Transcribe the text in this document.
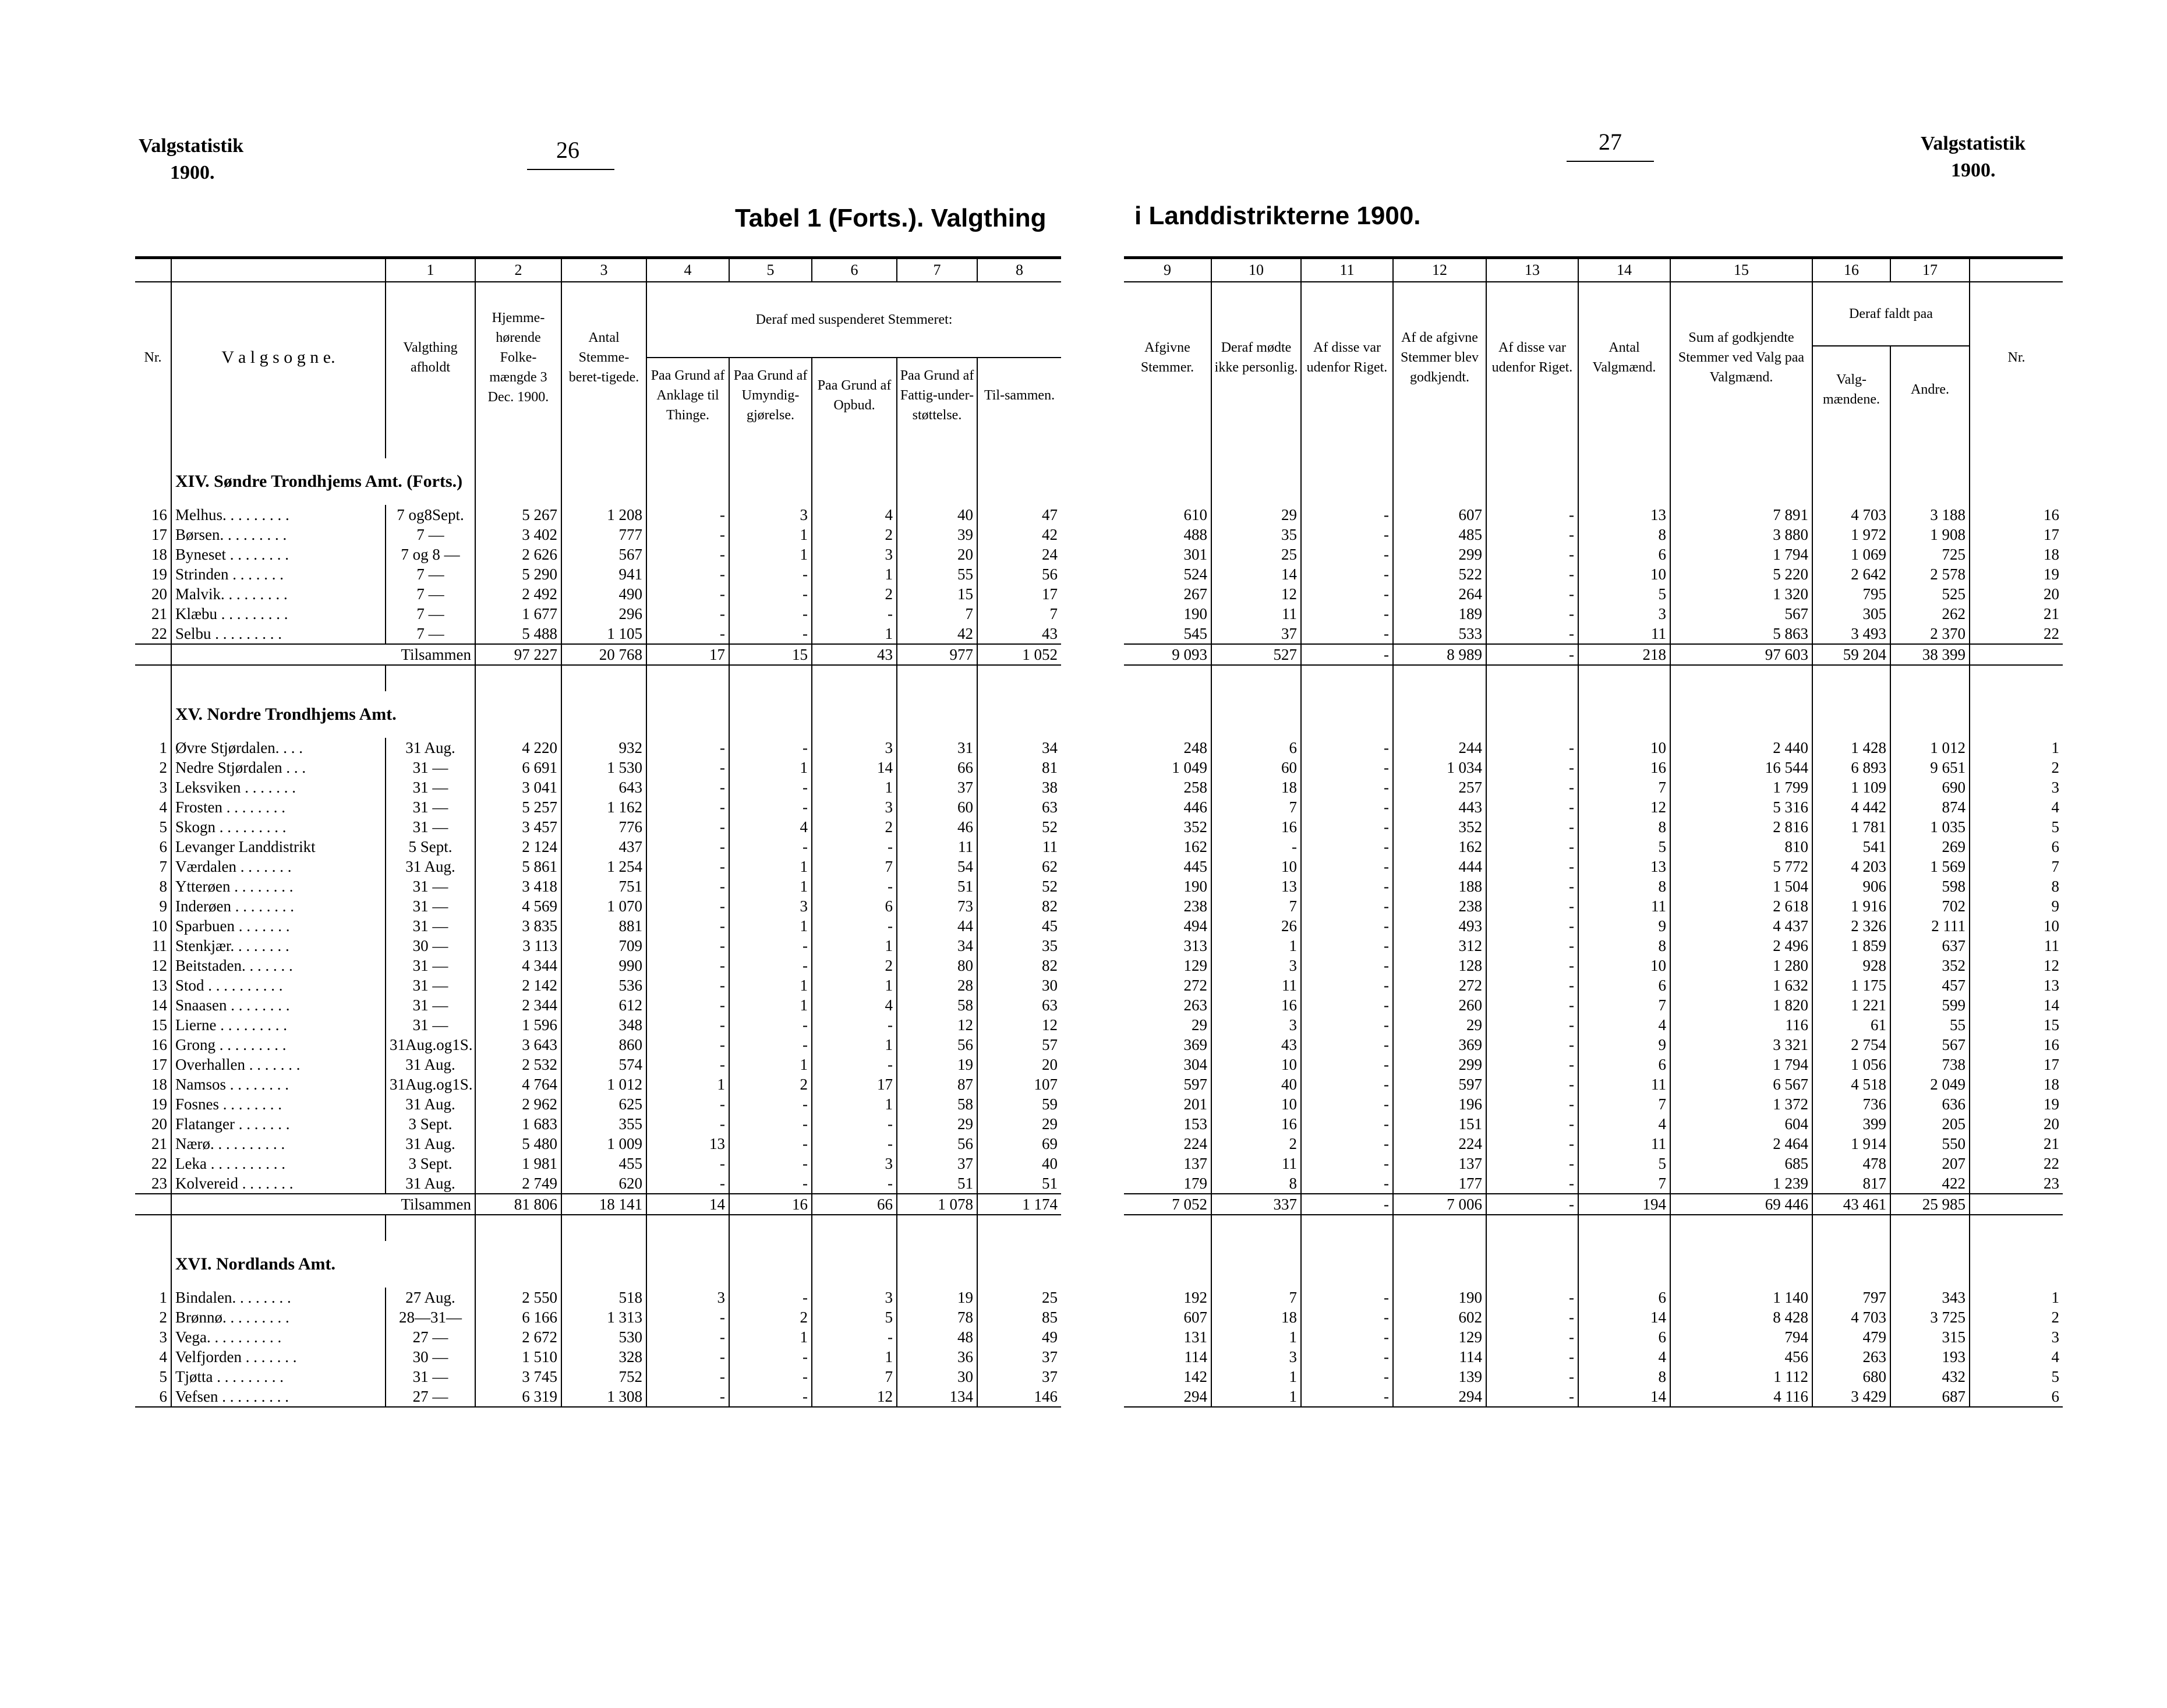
Valgstatistik
1900.
26	27	Valgstatistik
1900.
Tabel 1 (Forts.). Valgthing	i Landdistrikterne 1900.
		1	2	3	4	5	6	7	8
Nr.	V a l g s o g n e.	Valgthing afholdt	Hjemme-hørende Folke-mængde 3 Dec. 1900.	Antal Stemme-beret-tigede.	Deraf med suspenderet Stemmeret:				
					Paa Grund af Anklage til Thinge.	Paa Grund af Umyndig-gjørelse.	Paa Grund af Opbud.	Paa Grund af Fattig-under-støttelse.	Til-sammen.

	XIV. Søndre Trondhjems Amt. (Forts.)								
16	Melhus. . . . . . . . .	7 og8Sept.	5 267	1 208	-	3	4	40	47
17	Børsen. . . . . . . . .	7 —	3 402	777	-	1	2	39	42
18	Byneset . . . . . . . .	7 og 8 —	2 626	567	-	1	3	20	24
19	Strinden . . . . . . .	7 —	5 290	941	-	-	1	55	56
20	Malvik. . . . . . . . .	7 —	2 492	490	-	-	2	15	17
21	Klæbu . . . . . . . . .	7 —	1 677	296	-	-	-	7	7
22	Selbu . . . . . . . . .	7 —	5 488	1 105	-	-	1	42	43
	Tilsammen		97 227	20 768	17	15	43	977	1 052

	XV. Nordre Trondhjems Amt.								
1	Øvre Stjørdalen. . . .	31 Aug.	4 220	932	-	-	3	31	34
2	Nedre Stjørdalen . . .	31 —	6 691	1 530	-	1	14	66	81
3	Leksviken . . . . . . .	31 —	3 041	643	-	-	1	37	38
4	Frosten . . . . . . . .	31 —	5 257	1 162	-	-	3	60	63
5	Skogn . . . . . . . . .	31 —	3 457	776	-	4	2	46	52
6	Levanger Landdistrikt	5 Sept.	2 124	437	-	-	-	11	11
7	Værdalen . . . . . . .	31 Aug.	5 861	1 254	-	1	7	54	62
8	Ytterøen . . . . . . . .	31 —	3 418	751	-	1	-	51	52
9	Inderøen . . . . . . . .	31 —	4 569	1 070	-	3	6	73	82
10	Sparbuen . . . . . . .	31 —	3 835	881	-	1	-	44	45
11	Stenkjær. . . . . . . .	30 —	3 113	709	-	-	1	34	35
12	Beitstaden. . . . . . .	31 —	4 344	990	-	-	2	80	82
13	Stod . . . . . . . . . .	31 —	2 142	536	-	1	1	28	30
14	Snaasen . . . . . . . .	31 —	2 344	612	-	1	4	58	63
15	Lierne . . . . . . . . .	31 —	1 596	348	-	-	-	12	12
16	Grong . . . . . . . . .	31Aug.og1S.	3 643	860	-	-	1	56	57
17	Overhallen . . . . . . .	31 Aug.	2 532	574	-	1	-	19	20
18	Namsos . . . . . . . .	31Aug.og1S.	4 764	1 012	1	2	17	87	107
19	Fosnes . . . . . . . .	31 Aug.	2 962	625	-	-	1	58	59
20	Flatanger . . . . . . .	3 Sept.	1 683	355	-	-	-	29	29
21	Nærø. . . . . . . . . .	31 Aug.	5 480	1 009	13	-	-	56	69
22	Leka . . . . . . . . . .	3 Sept.	1 981	455	-	-	3	37	40
23	Kolvereid . . . . . . .	31 Aug.	2 749	620	-	-	-	51	51
	Tilsammen		81 806	18 141	14	16	66	1 078	1 174

	XVI. Nordlands Amt.								
1	Bindalen. . . . . . . .	27 Aug.	2 550	518	3	-	3	19	25
2	Brønnø. . . . . . . . .	28—31—	6 166	1 313	-	2	5	78	85
3	Vega. . . . . . . . . .	27 —	2 672	530	-	1	-	48	49
4	Velfjorden . . . . . . .	30 —	1 510	328	-	-	1	36	37
5	Tjøtta . . . . . . . . .	31 —	3 745	752	-	-	7	30	37
6	Vefsen . . . . . . . . .	27 —	6 319	1 308	-	-	12	134	146
9	10	11	12	13	14	15	16	17	
Afgivne Stemmer.	Deraf mødte ikke personlig.	Af disse var udenfor Riget.	Af de afgivne Stemmer blev godkjendt.	Af disse var udenfor Riget.	Antal Valgmænd.	Sum af godkjendte Stemmer ved Valg paa Valgmænd.	Deraf faldt paa		Nr.
							Valg-mændene.	Andre.	

610	29	-	607	-	13	7 891	4 703	3 188	16
488	35	-	485	-	8	3 880	1 972	1 908	17
301	25	-	299	-	6	1 794	1 069	725	18
524	14	-	522	-	10	5 220	2 642	2 578	19
267	12	-	264	-	5	1 320	795	525	20
190	11	-	189	-	3	567	305	262	21
545	37	-	533	-	11	5 863	3 493	2 370	22
9 093	527	-	8 989	-	218	97 603	59 204	38 399	

248	6	-	244	-	10	2 440	1 428	1 012	1
1 049	60	-	1 034	-	16	16 544	6 893	9 651	2
258	18	-	257	-	7	1 799	1 109	690	3
446	7	-	443	-	12	5 316	4 442	874	4
352	16	-	352	-	8	2 816	1 781	1 035	5
162	-	-	162	-	5	810	541	269	6
445	10	-	444	-	13	5 772	4 203	1 569	7
190	13	-	188	-	8	1 504	906	598	8
238	7	-	238	-	11	2 618	1 916	702	9
494	26	-	493	-	9	4 437	2 326	2 111	10
313	1	-	312	-	8	2 496	1 859	637	11
129	3	-	128	-	10	1 280	928	352	12
272	11	-	272	-	6	1 632	1 175	457	13
263	16	-	260	-	7	1 820	1 221	599	14
29	3	-	29	-	4	116	61	55	15
369	43	-	369	-	9	3 321	2 754	567	16
304	10	-	299	-	6	1 794	1 056	738	17
597	40	-	597	-	11	6 567	4 518	2 049	18
201	10	-	196	-	7	1 372	736	636	19
153	16	-	151	-	4	604	399	205	20
224	2	-	224	-	11	2 464	1 914	550	21
137	11	-	137	-	5	685	478	207	22
179	8	-	177	-	7	1 239	817	422	23
7 052	337	-	7 006	-	194	69 446	43 461	25 985	

192	7	-	190	-	6	1 140	797	343	1
607	18	-	602	-	14	8 428	4 703	3 725	2
131	1	-	129	-	6	794	479	315	3
114	3	-	114	-	4	456	263	193	4
142	1	-	139	-	8	1 112	680	432	5
294	1	-	294	-	14	4 116	3 429	687	6
